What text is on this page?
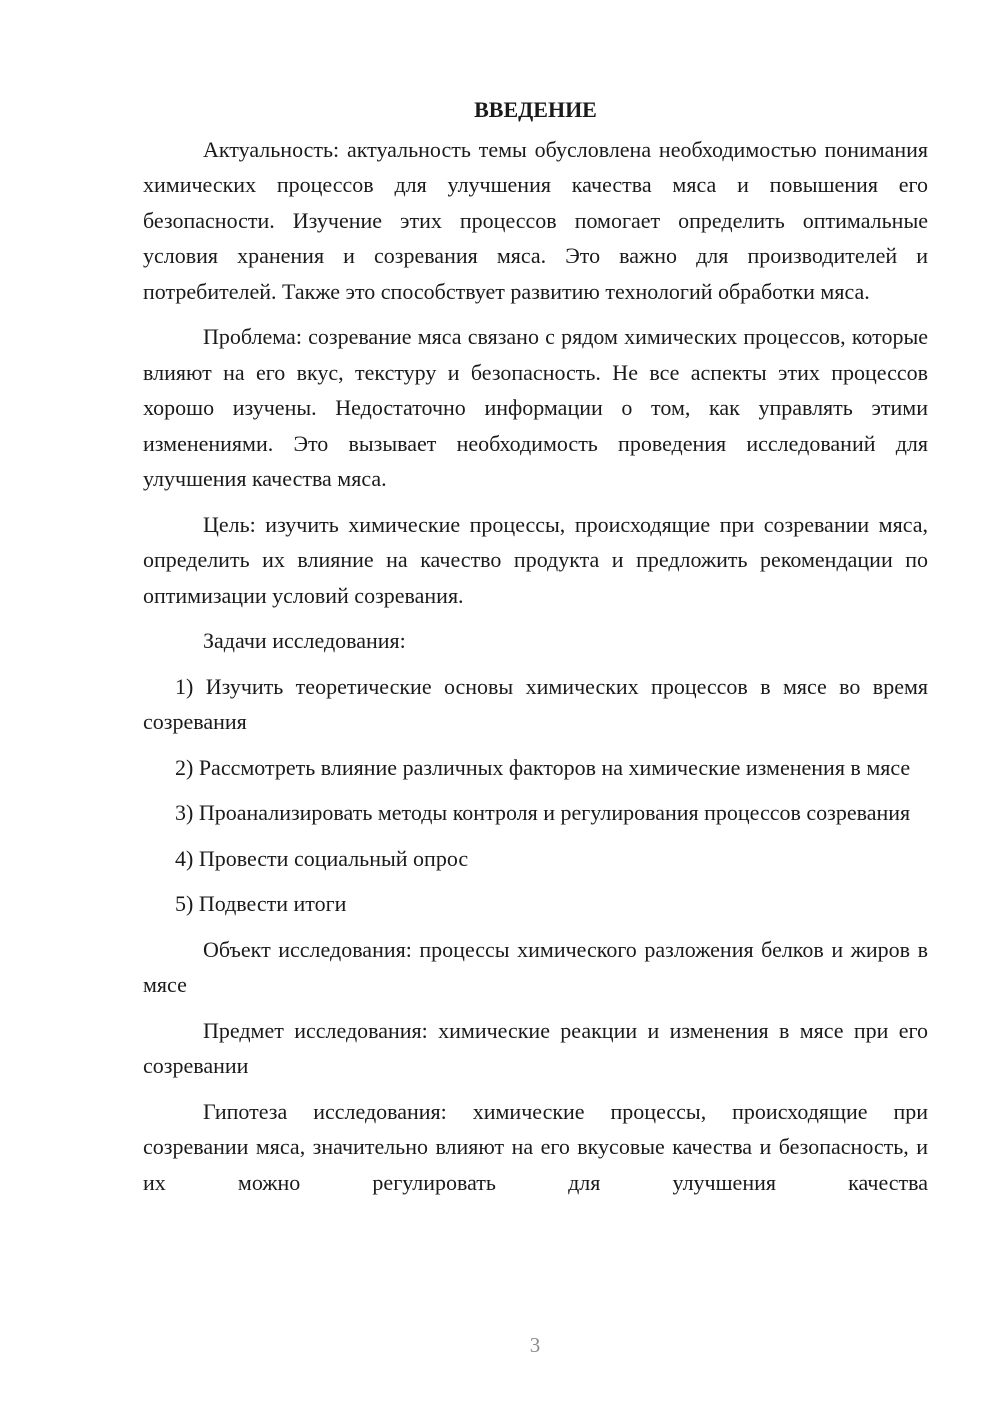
ВВЕДЕНИЕ

Актуальность: актуальность темы обусловлена необходимостью понимания химических процессов для улучшения качества мяса и повышения его безопасности. Изучение этих процессов помогает определить оптимальные условия хранения и созревания мяса. Это важно для производителей и потребителей. Также это способствует развитию технологий обработки мяса.

Проблема: созревание мяса связано с рядом химических процессов, которые влияют на его вкус, текстуру и безопасность. Не все аспекты этих процессов хорошо изучены. Недостаточно информации о том, как управлять этими изменениями. Это вызывает необходимость проведения исследований для улучшения качества мяса.

Цель: изучить химические процессы, происходящие при созревании мяса, определить их влияние на качество продукта и предложить рекомендации по оптимизации условий созревания.

Задачи исследования:

1) Изучить теоретические основы химических процессов в мясе во время созревания

2) Рассмотреть влияние различных факторов на химические изменения в мясе

3) Проанализировать методы контроля и регулирования процессов созревания

4) Провести социальный опрос

5) Подвести итоги

Объект исследования: процессы химического разложения белков и жиров в мясе

Предмет исследования: химические реакции и изменения в мясе при его созревании

Гипотеза исследования: химические процессы, происходящие при созревании мяса, значительно влияют на его вкусовые качества и безопасность, и их можно регулировать для улучшения качества

3
